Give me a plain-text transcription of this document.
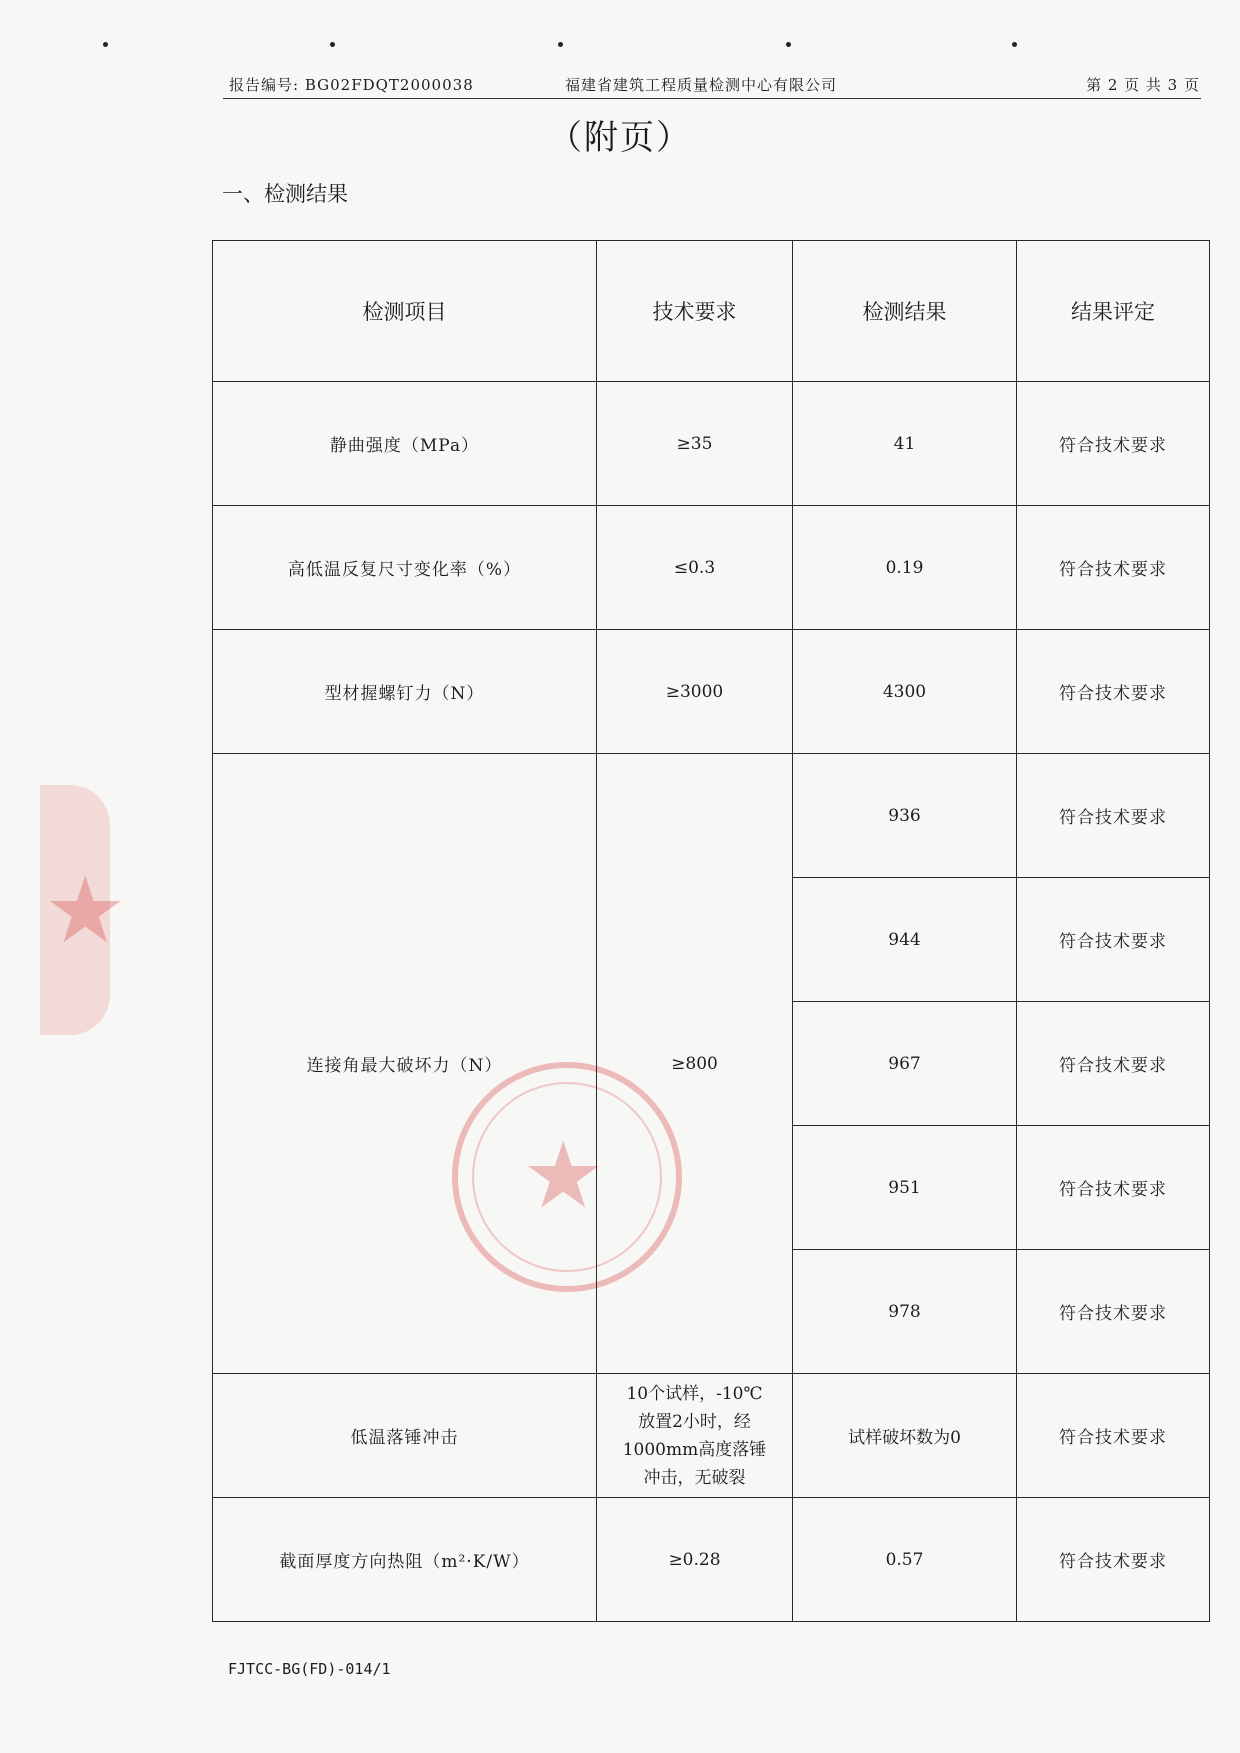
报告编号: BG02FDQT2000038	福建省建筑工程质量检测中心有限公司	第 2 页 共 3 页
（附页）
一、检测结果
★
★
检测项目	技术要求	检测结果	结果评定
静曲强度（MPa）	≥35	41	符合技术要求
高低温反复尺寸变化率（%）	≤0.3	0.19	符合技术要求
型材握螺钉力（N）	≥3000	4300	符合技术要求
连接角最大破坏力（N）	≥800	936	符合技术要求
		944	符合技术要求
		967	符合技术要求
		951	符合技术要求
		978	符合技术要求
低温落锤冲击	10个试样，-10℃
放置2小时，经
1000mm高度落锤
冲击，无破裂	试样破坏数为0	符合技术要求
截面厚度方向热阻（m²·K/W）	≥0.28	0.57	符合技术要求
FJTCC-BG(FD)-014/1
